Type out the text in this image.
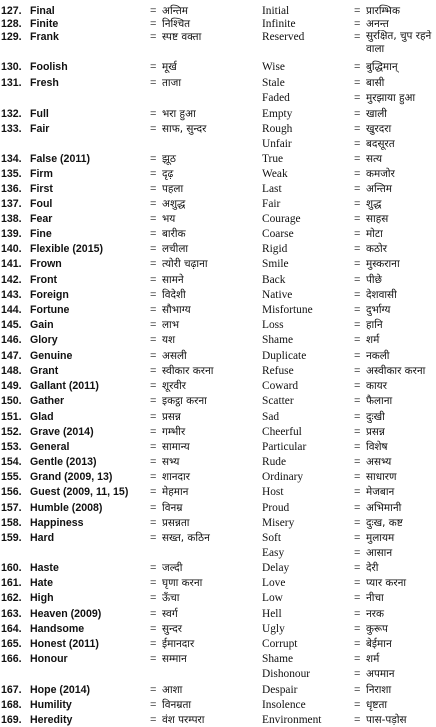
127. Final	= अन्तिम	Initial	= प्रारम्भिक
128. Finite	= निश्चित	Infinite	= अनन्त
129. Frank	= स्पष्ट वक्ता	Reserved	= सुरक्षित, चुप रहने वाला
130. Foolish	= मूर्ख	Wise	= बुद्धिमान्
131. Fresh	= ताजा	Stale	= बासी
Faded	= मुरझाया हुआ
132. Full	= भरा हुआ	Empty	= खाली
133. Fair	= साफ, सुन्दर	Rough	= खुरदरा
Unfair	= बदसूरत
134. False (2011)	= झूठ	True	= सत्य
135. Firm	= दृढ़	Weak	= कमजोर
136. First	= पहला	Last	= अन्तिम
137. Foul	= अशुद्ध	Fair	= शुद्ध
138. Fear	= भय	Courage	= साहस
139. Fine	= बारीक	Coarse	= मोटा
140. Flexible (2015)	= लचीला	Rigid	= कठोर
141. Frown	= त्योरी चढ़ाना	Smile	= मुस्कराना
142. Front	= सामने	Back	= पीछे
143. Foreign	= विदेशी	Native	= देशवासी
144. Fortune	= सौभाग्य	Misfortune	= दुर्भाग्य
145. Gain	= लाभ	Loss	= हानि
146. Glory	= यश	Shame	= शर्म
147. Genuine	= असली	Duplicate	= नकली
148. Grant	= स्वीकार करना	Refuse	= अस्वीकार करना
149. Gallant (2011)	= शूरवीर	Coward	= कायर
150. Gather	= इकट्ठा करना	Scatter	= फैलाना
151. Glad	= प्रसन्न	Sad	= दुःखी
152. Grave (2014)	= गम्भीर	Cheerful	= प्रसन्न
153. General	= सामान्य	Particular	= विशेष
154. Gentle (2013)	= सभ्य	Rude	= असभ्य
155. Grand (2009, 13)	= शानदार	Ordinary	= साधारण
156. Guest (2009, 11, 15)	= मेहमान	Host	= मेजबान
157. Humble (2008)	= विनम्र	Proud	= अभिमानी
158. Happiness	= प्रसन्नता	Misery	= दुःख, कष्ट
159. Hard	= सख्त, कठिन	Soft	= मुलायम
Easy	= आसान
160. Haste	= जल्दी	Delay	= देरी
161. Hate	= घृणा करना	Love	= प्यार करना
162. High	= ऊँचा	Low	= नीचा
163. Heaven (2009)	= स्वर्ग	Hell	= नरक
164. Handsome	= सुन्दर	Ugly	= कुरूप
165. Honest (2011)	= ईमानदार	Corrupt	= बेईमान
166. Honour	= सम्मान	Shame	= शर्म
Dishonour	= अपमान
167. Hope (2014)	= आशा	Despair	= निराशा
168. Humility	= विनम्रता	Insolence	= धृष्टता
169. Heredity	= वंश परम्परा	Environment	= पास-पड़ोस
